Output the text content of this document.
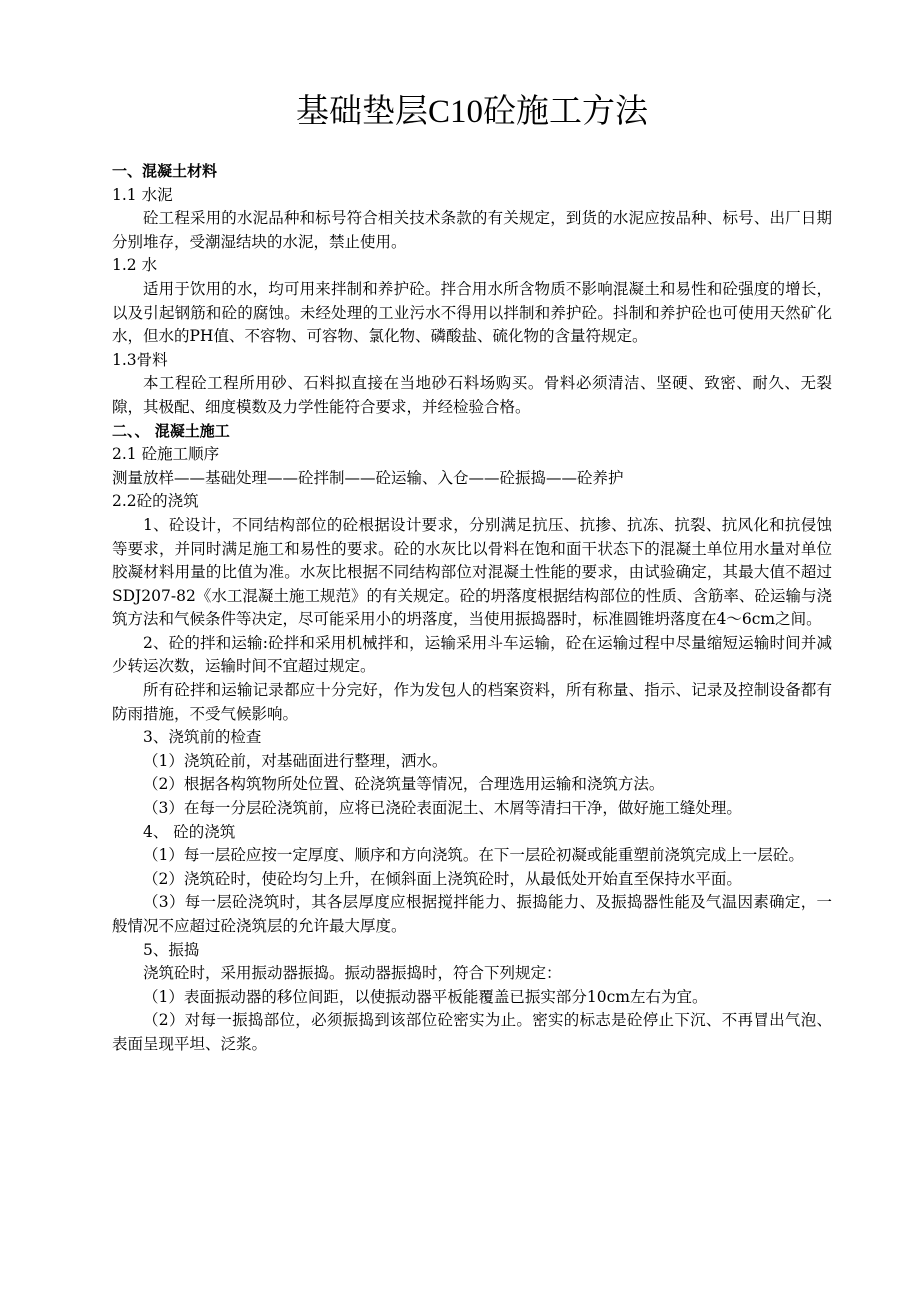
基础垫层C10砼施工方法
一、混凝土材料
1.1 水泥
砼工程采用的水泥品种和标号符合相关技术条款的有关规定，到货的水泥应按品种、标号、出厂日期分别堆存，受潮湿结块的水泥，禁止使用。
1.2 水
适用于饮用的水，均可用来拌制和养护砼。拌合用水所含物质不影响混凝土和易性和砼强度的增长，以及引起钢筋和砼的腐蚀。未经处理的工业污水不得用以拌制和养护砼。抖制和养护砼也可使用天然矿化水，但水的PH值、不容物、可容物、氯化物、磷酸盐、硫化物的含量符规定。
1.3骨料
本工程砼工程所用砂、石料拟直接在当地砂石料场购买。骨料必须清洁、坚硬、致密、耐久、无裂隙，其极配、细度模数及力学性能符合要求，并经检验合格。
二、、 混凝土施工
2.1 砼施工顺序
测量放样——基础处理——砼拌制——砼运输、入仓——砼振捣——砼养护
2.2砼的浇筑
1、砼设计，不同结构部位的砼根据设计要求，分别满足抗压、抗掺、抗冻、抗裂、抗风化和抗侵蚀等要求，并同时满足施工和易性的要求。砼的水灰比以骨料在饱和面干状态下的混凝土单位用水量对单位胶凝材料用量的比值为准。水灰比根据不同结构部位对混凝土性能的要求，由试验确定，其最大值不超过SDJ207-82《水工混凝土施工规范》的有关规定。砼的坍落度根据结构部位的性质、含筋率、砼运输与浇筑方法和气候条件等决定，尽可能采用小的坍落度，当使用振捣器时，标准圆锥坍落度在4～6cm之间。
2、砼的拌和运输:砼拌和采用机械拌和，运输采用斗车运输，砼在运输过程中尽量缩短运输时间并减少转运次数，运输时间不宜超过规定。
所有砼拌和运输记录都应十分完好，作为发包人的档案资料，所有称量、指示、记录及控制设备都有防雨措施，不受气候影响。
3、浇筑前的检查
（1）浇筑砼前，对基础面进行整理，洒水。
（2）根据各构筑物所处位置、砼浇筑量等情况，合理选用运输和浇筑方法。
（3）在每一分层砼浇筑前，应将已浇砼表面泥土、木屑等清扫干净，做好施工缝处理。
4、 砼的浇筑
（1）每一层砼应按一定厚度、顺序和方向浇筑。在下一层砼初凝或能重塑前浇筑完成上一层砼。
（2）浇筑砼时，使砼均匀上升，在倾斜面上浇筑砼时，从最低处开始直至保持水平面。
（3）每一层砼浇筑时，其各层厚度应根据搅拌能力、振捣能力、及振捣器性能及气温因素确定，一般情况不应超过砼浇筑层的允许最大厚度。
5、振捣
浇筑砼时，采用振动器振捣。振动器振捣时，符合下列规定：
（1）表面振动器的移位间距，以使振动器平板能覆盖已振实部分10cm左右为宜。
（2）对每一振捣部位，必须振捣到该部位砼密实为止。密实的标志是砼停止下沉、不再冒出气泡、表面呈现平坦、泛浆。
